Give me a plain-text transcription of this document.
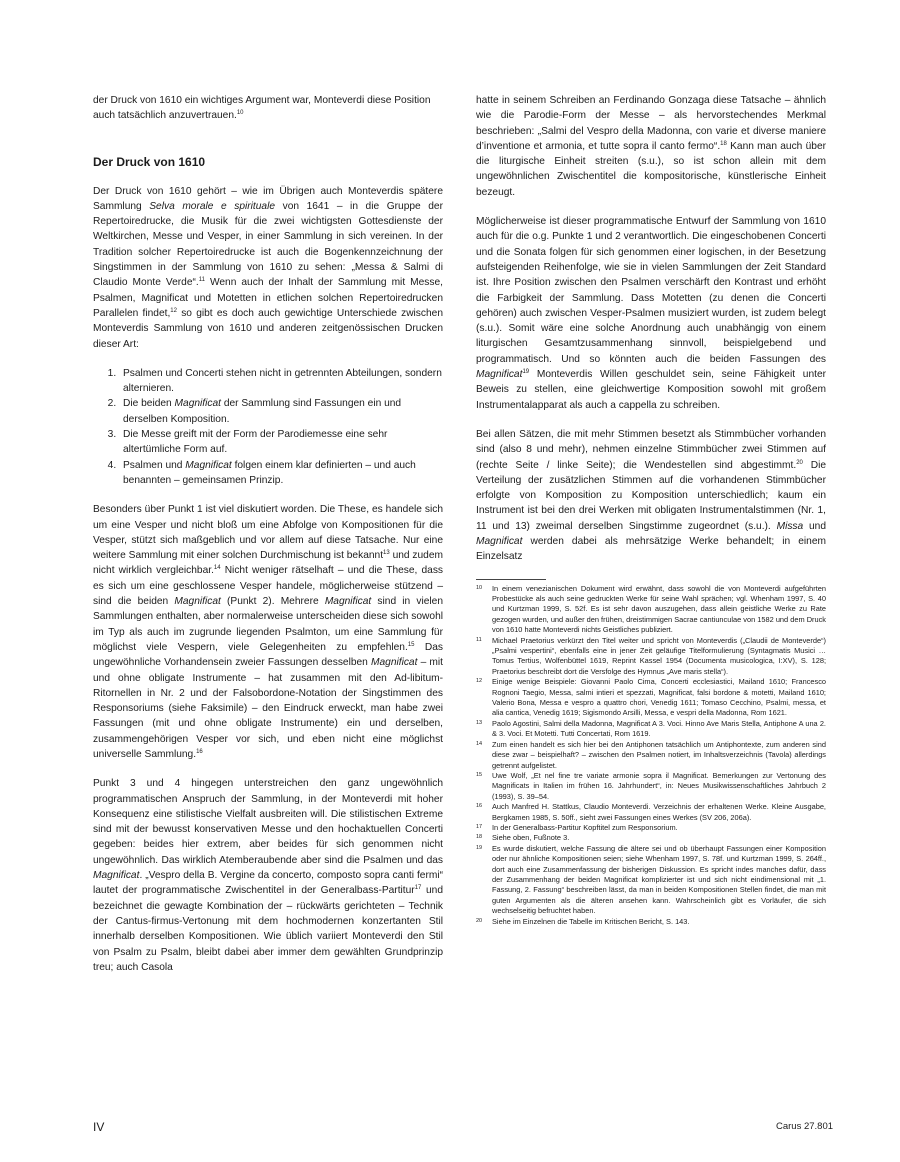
der Druck von 1610 ein wichtiges Argument war, Monteverdi diese Position auch tatsächlich anzuvertrauen.$^{10}$

Der Druck von 1610

Der Druck von 1610 gehört – wie im Übrigen auch Monteverdis spätere Sammlung Selva morale e spirituale von 1641 – in die Gruppe der Repertoiredrucke, die Musik für die zwei wichtigsten Gottesdienste der Weltkirchen, Messe und Vesper, in einer Sammlung in sich vereinen. In der Tradition solcher Repertoiredrucke ist auch die Bogenkennzeichnung der Singstimmen in der Sammlung von 1610 zu sehen: „Messa & Salmi di Claudio Monte Verde“.$^{11}$ Wenn auch der Inhalt der Sammlung mit Messe, Psalmen, Magnificat und Motetten in etlichen solchen Repertoiredrucken Parallelen findet,$^{12}$ so gibt es doch auch gewichtige Unterschiede zwischen Monteverdis Sammlung von 1610 und anderen zeitgenössischen Drucken dieser Art:

1. Psalmen und Concerti stehen nicht in getrennten Abteilungen, sondern alternieren.
2. Die beiden Magnificat der Sammlung sind Fassungen ein und derselben Komposition.
3. Die Messe greift mit der Form der Parodiemesse eine sehr altertümliche Form auf.
4. Psalmen und Magnificat folgen einem klar definierten – und auch benannten – gemeinsamen Prinzip.

Besonders über Punkt 1 ist viel diskutiert worden. Die These, es handele sich um eine Vesper und nicht bloß um eine Abfolge von Kompositionen für die Vesper, stützt sich maßgeblich und vor allem auf diese Tatsache. Nur eine weitere Sammlung mit einer solchen Durchmischung ist bekannt$^{13}$ und zudem nicht wirklich vergleichbar.$^{14}$ Nicht weniger rätselhaft – und die These, dass es sich um eine geschlossene Vesper handele, möglicherweise stützend – sind die beiden Magnificat (Punkt 2). Mehrere Magnificat sind in vielen Sammlungen enthalten, aber normalerweise unterscheiden diese sich sowohl im Typ als auch im zugrunde liegenden Psalmton, um eine Sammlung für möglichst viele Vespern, viele Gelegenheiten zu empfehlen.$^{15}$ Das ungewöhnliche Vorhandensein zweier Fassungen desselben Magnificat – mit und ohne obligate Instrumente – hat zusammen mit den Ad-libitum-Ritornellen in Nr. 2 und der Falsobordone-Notation der Singstimmen des Responsoriums (siehe Faksimile) – den Eindruck erweckt, man habe zwei Fassungen (mit und ohne obligate Instrumente) ein und derselben, zusammengehörigen Vesper vor sich, und eben nicht eine möglichst universelle Sammlung.$^{16}$

Punkt 3 und 4 hingegen unterstreichen den ganz ungewöhnlich programmatischen Anspruch der Sammlung, in der Monteverdi mit hoher Konsequenz eine stilistische Vielfalt ausbreiten will. Die stilistischen Extreme sind mit der bewusst konservativen Messe und den hochaktuellen Concerti gegeben: beides hier extrem, aber beides für sich genommen nicht ungewöhnlich. Das wirklich Atemberaubende aber sind die Psalmen und das Magnificat. „Vespro della B. Vergine da concerto, composto sopra canti fermi“ lautet der programmatische Zwischentitel in der Generalbass-Partitur$^{17}$ und bezeichnet die gewagte Kombination der – rückwärts gerichteten – Technik der Cantus-firmus-Vertonung mit dem hochmodernen konzertanten Stil innerhalb derselben Kompositionen. Wie üblich variiert Monteverdi den Stil von Psalm zu Psalm, bleibt dabei aber immer dem gewählten Grundprinzip treu; auch Casola

hatte in seinem Schreiben an Ferdinando Gonzaga diese Tatsache – ähnlich wie die Parodie-Form der Messe – als hervorstechendes Merkmal beschrieben: „Salmi del Vespro della Madonna, con varie et diverse maniere d’inventione et armonia, et tutte sopra il canto fermo“.$^{18}$ Kann man auch über die liturgische Einheit streiten (s.u.), so ist schon allein mit dem ungewöhnlichen Zwischentitel die kompositorische, künstlerische Einheit bezeugt.

Möglicherweise ist dieser programmatische Entwurf der Sammlung von 1610 auch für die o.g. Punkte 1 und 2 verantwortlich. Die eingeschobenen Concerti und die Sonata folgen für sich genommen einer logischen, in der Besetzung aufsteigenden Reihenfolge, wie sie in vielen Sammlungen der Zeit Standard ist. Ihre Position zwischen den Psalmen verschärft den Kontrast und erhöht die Farbigkeit der Sammlung. Dass Motetten (zu denen die Concerti gehören) auch zwischen Vesper-Psalmen musiziert wurden, ist zudem belegt (s.u.). Somit wäre eine solche Anordnung auch unabhängig von einem liturgischen Gesamtzusammenhang sinnvoll, beispielgebend und programmatisch. Und so könnten auch die beiden Fassungen des Magnificat$^{19}$ Monteverdis Willen geschuldet sein, seine Fähigkeit unter Beweis zu stellen, eine gleichwertige Komposition sowohl mit großem Instrumentalapparat als auch a cappella zu schreiben.

Bei allen Sätzen, die mit mehr Stimmen besetzt als Stimmbücher vorhanden sind (also 8 und mehr), nehmen einzelne Stimmbücher zwei Stimmen auf (rechte Seite / linke Seite); die Wendestellen sind abgestimmt.$^{20}$ Die Verteilung der zusätzlichen Stimmen auf die vorhandenen Stimmbücher erfolgte von Komposition zu Komposition unterschiedlich; kaum ein Instrument ist bei den drei Werken mit obligaten Instrumentalstimmen (Nr. 1, 11 und 13) zweimal derselben Singstimme zugeordnet (s.u.). Missa und Magnificat werden dabei als mehrsätzige Werke behandelt; in einem Einzelsatz

10 In einem venezianischen Dokument wird erwähnt, dass sowohl die von Monteverdi aufgeführten Probestücke als auch seine gedruckten Werke für seine Wahl sprächen; vgl. Whenham 1997, S. 40 und Kurtzman 1999, S. 52f. Es ist sehr davon auszugehen, dass allein geistliche Werke zu Rate gezogen wurden, und außer den frühen, dreistimmigen Sacrae cantiunculae von 1582 und dem Druck von 1610 hatte Monteverdi nichts Geistliches publiziert.
11 Michael Praetorius verkürzt den Titel weiter und spricht von Monteverdis („Claudii de Monteverde“) „Psalmi vespertini“, ebenfalls eine in jener Zeit geläufige Titelformulierung (Syntagmatis Musici … Tomus Tertius, Wolfenbüttel 1619, Reprint Kassel 1954 (Documenta musicologica, I:XV), S. 128; Praetorius beschreibt dort die Versfolge des Hymnus „Ave maris stella“).
12 Einige wenige Beispiele: Giovanni Paolo Cima, Concerti ecclesiastici, Mailand 1610; Francesco Rognoni Taegio, Messa, salmi intieri et spezzati, Magnificat, falsi bordone & motetti, Mailand 1610; Valerio Bona, Messa e vespro a quattro chori, Venedig 1611; Tomaso Cecchino, Psalmi, messa, et alia cantica, Venedig 1619; Sigismondo Arsilli, Messa, e vespri della Madonna, Rom 1621.
13 Paolo Agostini, Salmi della Madonna, Magnificat A 3. Voci. Hinno Ave Maris Stella, Antiphone A una 2. & 3. Voci. Et Motetti. Tutti Concertati, Rom 1619.
14 Zum einen handelt es sich hier bei den Antiphonen tatsächlich um Antiphontexte, zum anderen sind diese zwar – beispielhaft? – zwischen den Psalmen notiert, im Inhaltsverzeichnis (Tavola) allerdings getrennt aufgelistet.
15 Uwe Wolf, „Et nel fine tre variate armonie sopra il Magnificat. Bemerkungen zur Vertonung des Magnificats in Italien im frühen 16. Jahrhundert“, in: Neues Musikwissenschaftliches Jahrbuch 2 (1993), S. 39–54.
16 Auch Manfred H. Stattkus, Claudio Monteverdi. Verzeichnis der erhaltenen Werke. Kleine Ausgabe, Bergkamen 1985, S. 50ff., sieht zwei Fassungen eines Werkes (SV 206, 206a).
17 In der Generalbass-Partitur Kopftitel zum Responsorium.
18 Siehe oben, Fußnote 3.
19 Es wurde diskutiert, welche Fassung die ältere sei und ob überhaupt Fassungen einer Komposition oder nur ähnliche Kompositionen seien; siehe Whenham 1997, S. 78f. und Kurtzman 1999, S. 264ff., dort auch eine Zusammenfassung der bisherigen Diskussion. Es spricht indes manches dafür, dass der Zusammenhang der beiden Magnificat komplizierter ist und sich nicht eindimensional mit „1. Fassung, 2. Fassung“ beschreiben lässt, da man in beiden Kompositionen Stellen findet, die man mit guten Argumenten als die älteren ansehen kann. Wahrscheinlich gibt es Vorläufer, die sich wechselseitig befruchtet haben.
20 Siehe im Einzelnen die Tabelle im Kritischen Bericht, S. 143.
IV	Carus 27.801
